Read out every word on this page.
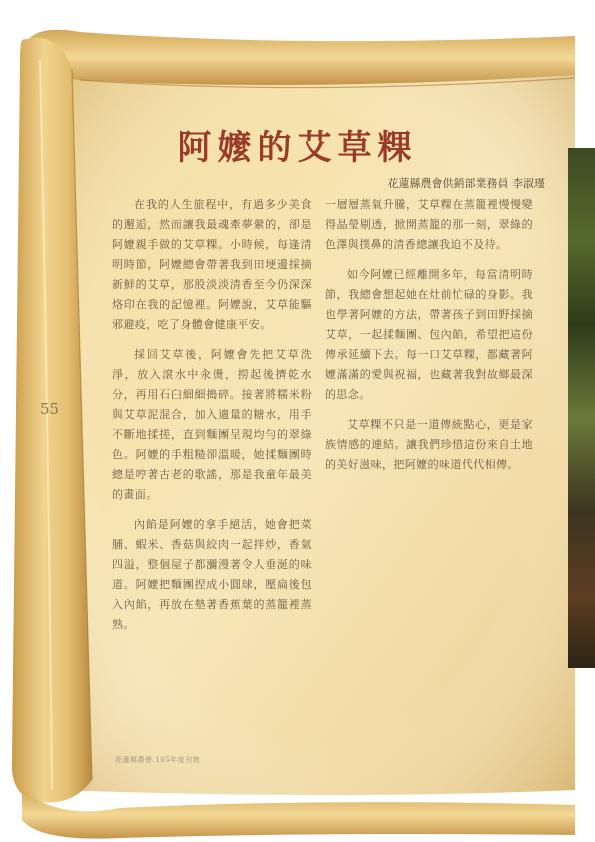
阿嬤的艾草粿
花蓮縣農會供銷部業務員 李淑瑾

在我的人生旅程中，有過多少美食的邂逅，然而讓我最魂牽夢縈的，卻是阿嬤親手做的艾草粿。小時候，每逢清明時節，阿嬤總會帶著我到田埂邊採摘新鮮的艾草，那股淡淡清香至今仍深深烙印在我的記憶裡。阿嬤說，艾草能驅邪避疫，吃了身體會健康平安。

採回艾草後，阿嬤會先把艾草洗淨，放入滾水中汆燙，撈起後擠乾水分，再用石臼細細搗碎。接著將糯米粉與艾草泥混合，加入適量的糖水，用手不斷地揉搓，直到麵團呈現均勻的翠綠色。阿嬤的手粗糙卻溫暖，她揉麵團時總是哼著古老的歌謠，那是我童年最美的畫面。

內餡是阿嬤的拿手絕活，她會把菜脯、蝦米、香菇與絞肉一起拌炒，香氣四溢，整個屋子都瀰漫著令人垂涎的味道。阿嬤把麵團捏成小圓球，壓扁後包入內餡，再放在墊著香蕉葉的蒸籠裡蒸熟。

一層層蒸氣升騰，艾草粿在蒸籠裡慢慢變得晶瑩剔透，掀開蒸籠的那一刻，翠綠的色澤與撲鼻的清香總讓我迫不及待。

如今阿嬤已經離開多年，每當清明時節，我總會想起她在灶前忙碌的身影。我也學著阿嬤的方法，帶著孩子到田野採摘艾草，一起揉麵團、包內餡，希望把這份傳承延續下去。每一口艾草粿，都藏著阿嬤滿滿的愛與祝福，也藏著我對故鄉最深的思念。

艾草粿不只是一道傳統點心，更是家族情感的連結。讓我們珍惜這份來自土地的美好滋味，把阿嬤的味道代代相傳。

55
花蓮縣農會.105年度刊物
